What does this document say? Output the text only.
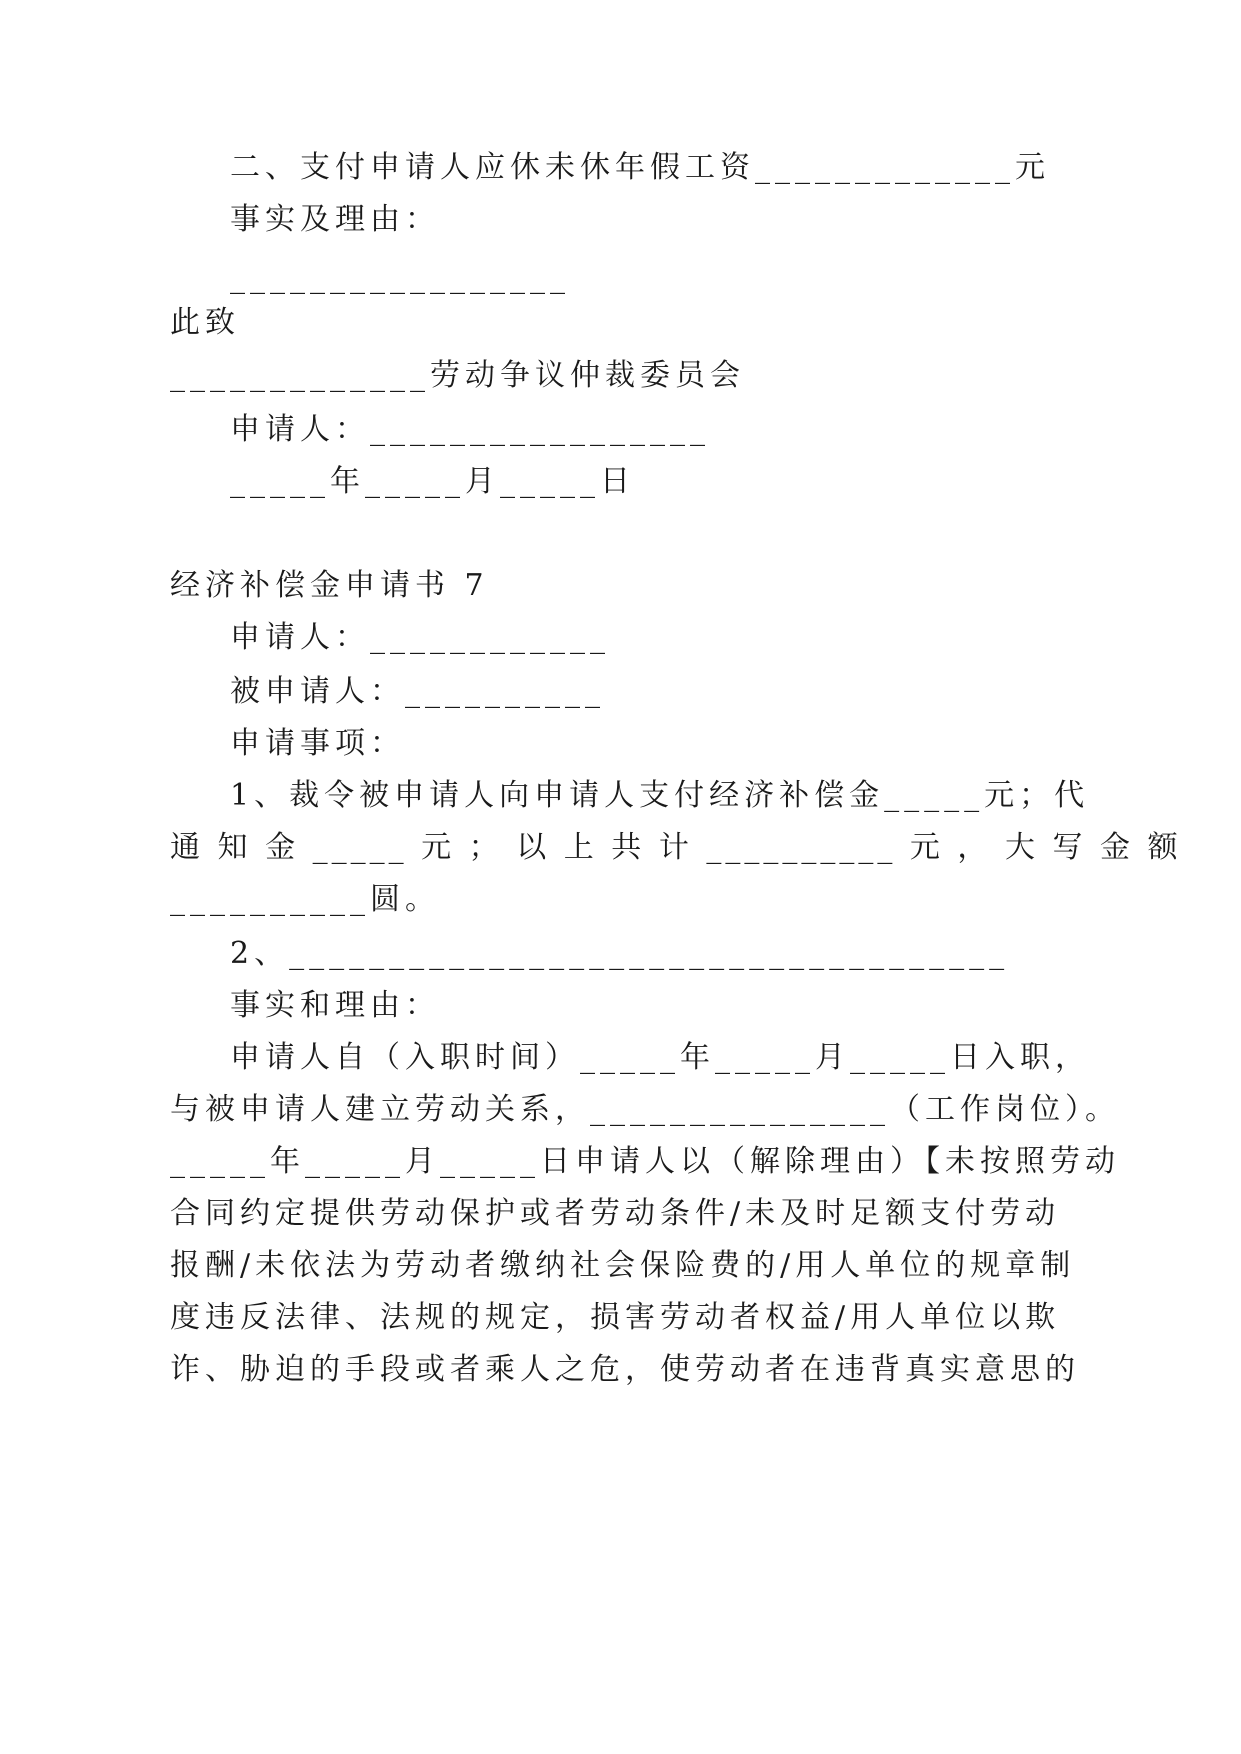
二、支付申请人应休未休年假工资_____________元
事实及理由：
_________________
此致
_____________劳动争议仲裁委员会
申请人：_________________
_____年_____月_____日
经济补偿金申请书 7
申请人：____________
被申请人：__________
申请事项：
1、裁令被申请人向申请人支付经济补偿金_____元；代
通 知 金 _____ 元 ； 以 上 共 计 __________ 元 ， 大 写 金 额
__________圆。
2、____________________________________
事实和理由：
申请人自（入职时间）_____年_____月_____日入职，
与被申请人建立劳动关系，_______________（工作岗位）。
_____年_____月_____日申请人以（解除理由）【未按照劳动
合同约定提供劳动保护或者劳动条件/未及时足额支付劳动
报酬/未依法为劳动者缴纳社会保险费的/用人单位的规章制
度违反法律、法规的规定，损害劳动者权益/用人单位以欺
诈、胁迫的手段或者乘人之危，使劳动者在违背真实意思的
